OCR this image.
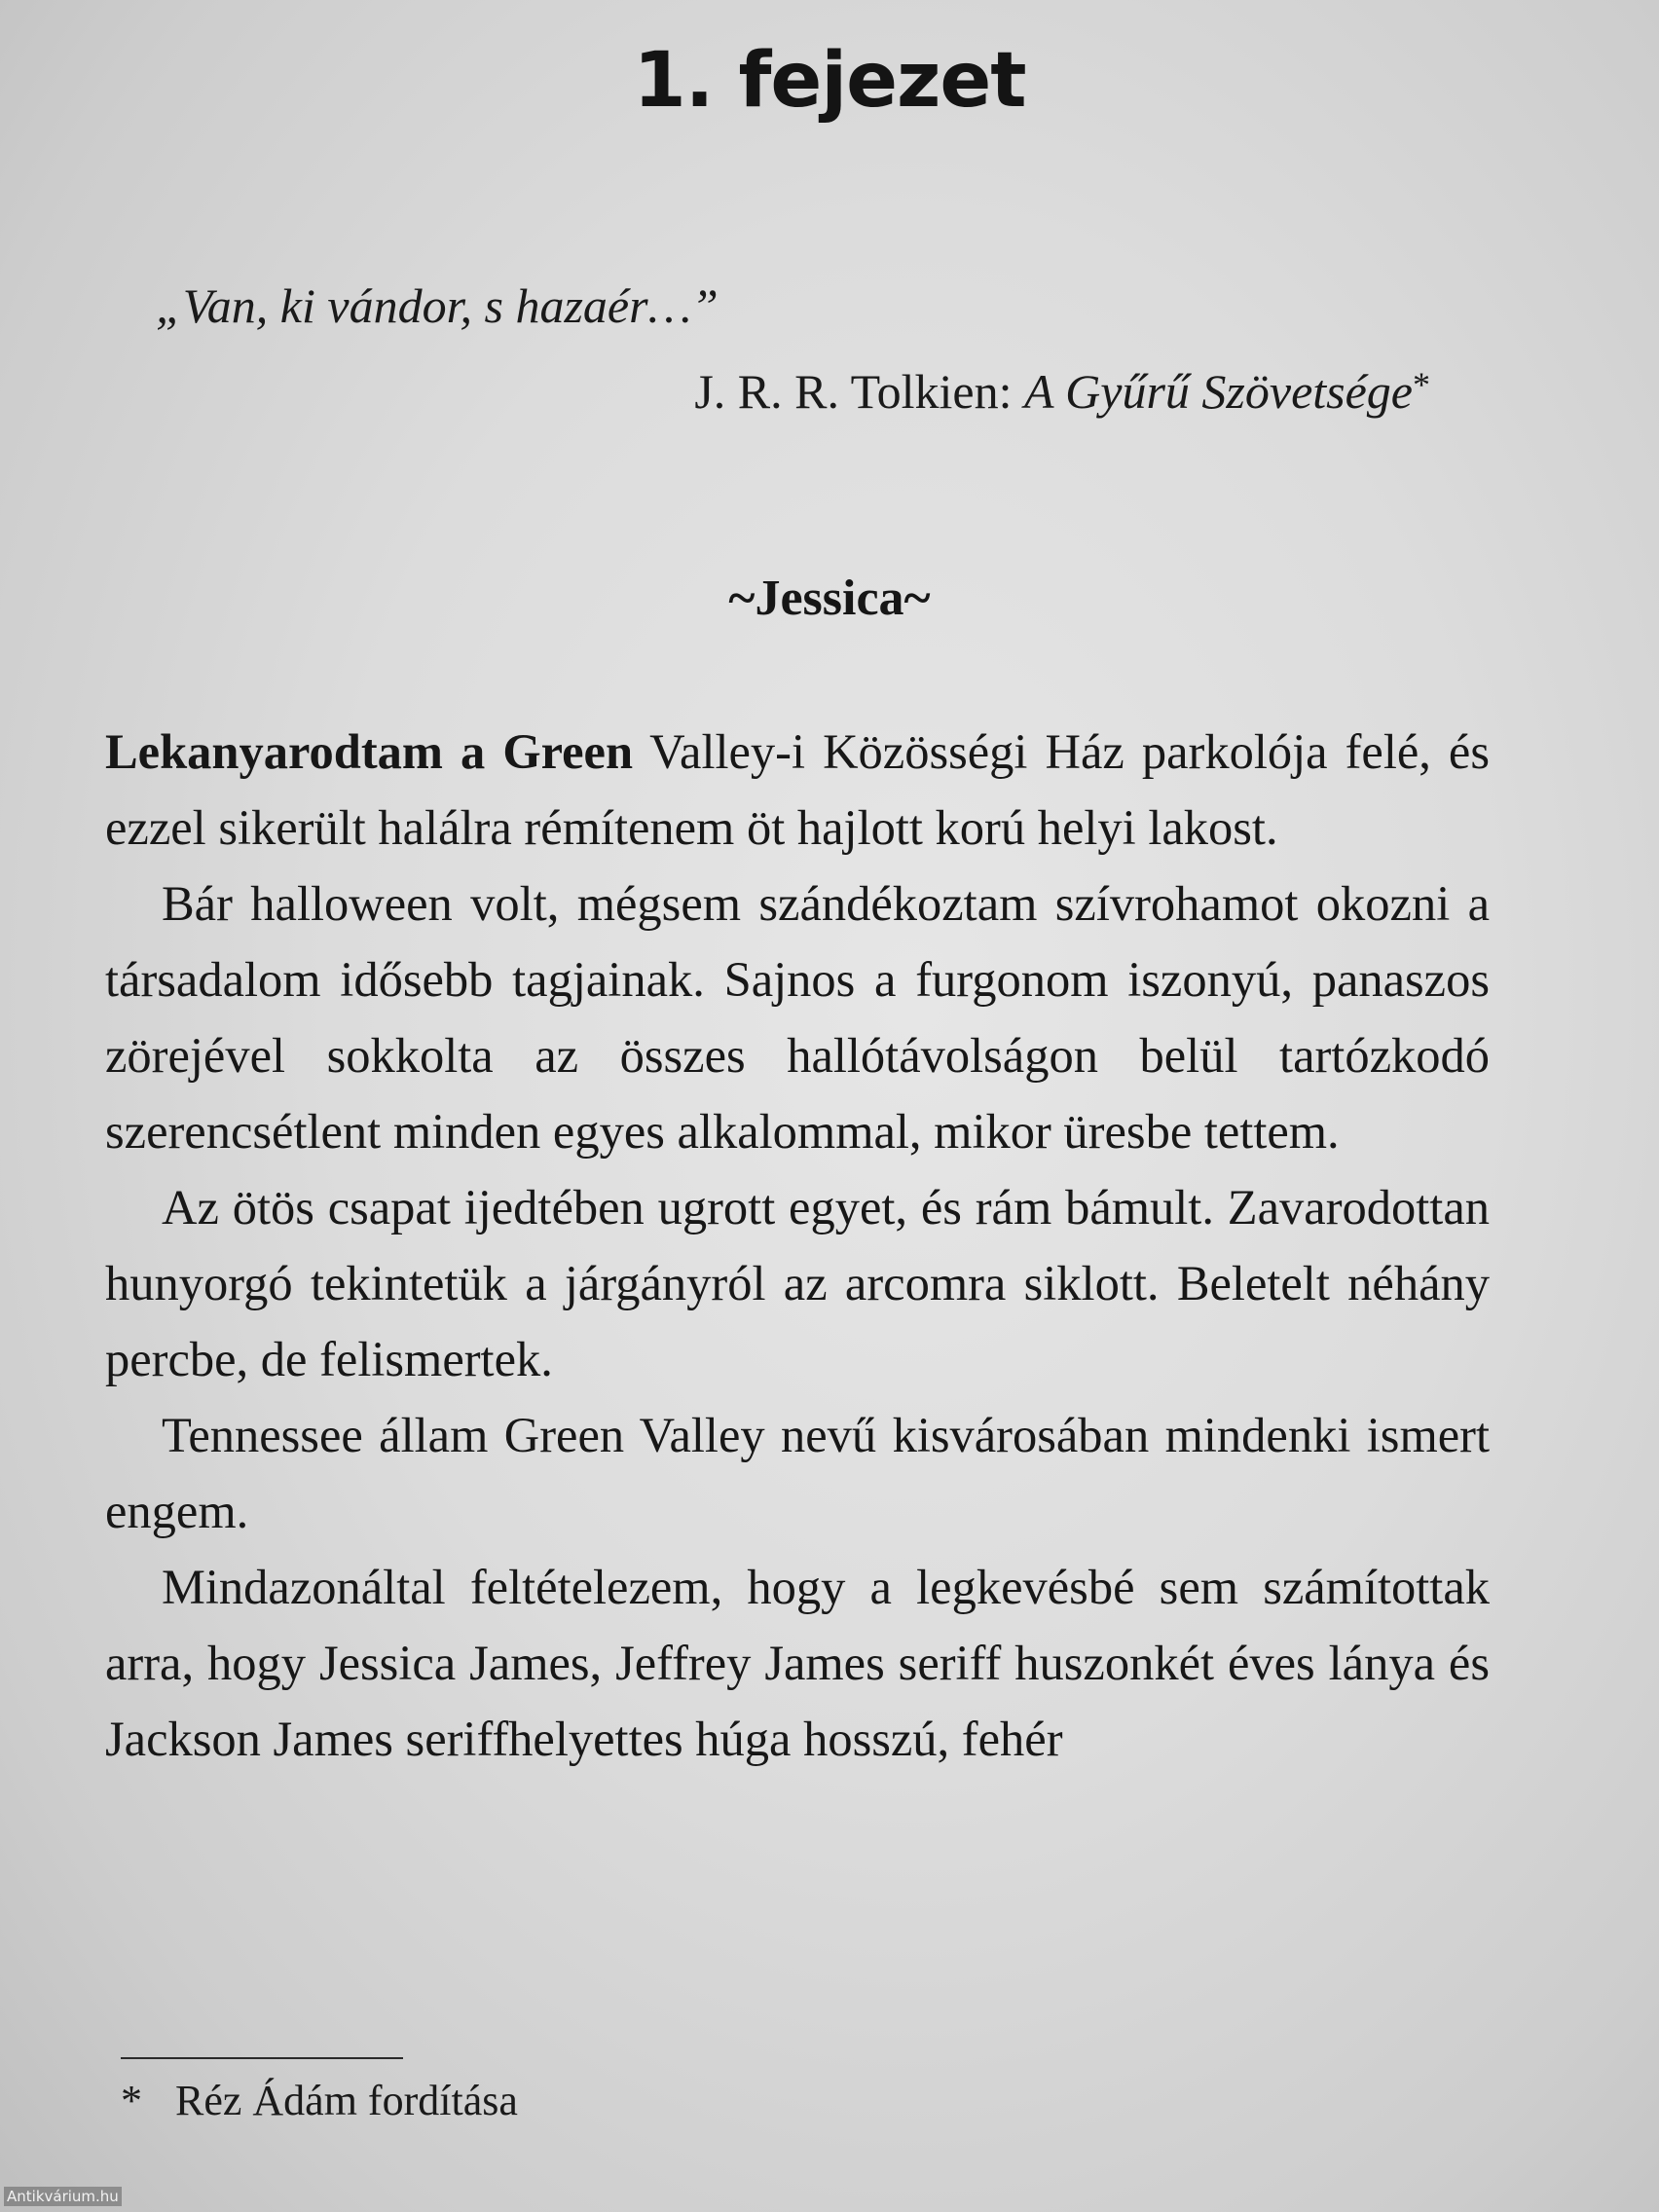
1. fejezet

„Van, ki vándor, s hazaér…”

J. R. R. Tolkien: A Gyűrű Szövetsége*

~Jessica~

Lekanyarodtam a Green Valley-i Közösségi Ház parkolója felé, és ezzel sikerült halálra rémítenem öt hajlott korú helyi lakost.

Bár halloween volt, mégsem szándékoztam szívrohamot okozni a társadalom idősebb tagjainak. Sajnos a furgonom iszonyú, panaszos zörejével sokkolta az összes hallótávolságon belül tartózkodó szerencsétlent minden egyes alkalommal, mikor üresbe tettem.

Az ötös csapat ijedtében ugrott egyet, és rám bámult. Zavarodottan hunyorgó tekintetük a járgányról az arcomra siklott. Beletelt néhány percbe, de felismertek.

Tennessee állam Green Valley nevű kisvárosában mindenki ismert engem.

Mindazonáltal feltételezem, hogy a legkevésbé sem számítottak arra, hogy Jessica James, Jeffrey James seriff huszonkét éves lánya és Jackson James seriffhelyettes húga hosszú, fehér

* Réz Ádám fordítása

Antikvárium.hu
